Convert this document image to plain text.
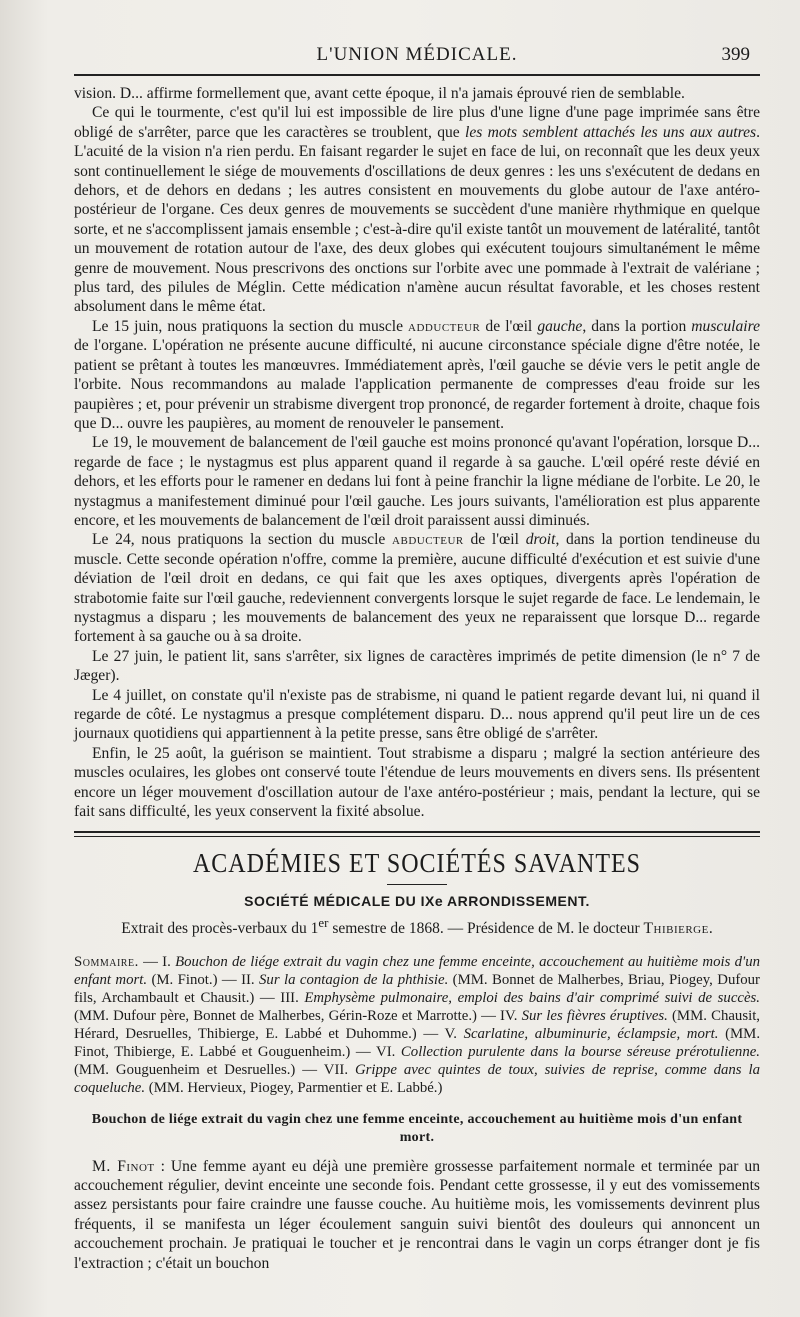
L'UNION MÉDICALE.	399

vision. D... affirme formellement que, avant cette époque, il n'a jamais éprouvé rien de semblable.

Ce qui le tourmente, c'est qu'il lui est impossible de lire plus d'une ligne d'une page imprimée sans être obligé de s'arrêter, parce que les caractères se troublent, que les mots semblent attachés les uns aux autres. L'acuité de la vision n'a rien perdu. En faisant regarder le sujet en face de lui, on reconnaît que les deux yeux sont continuellement le siége de mouvements d'oscillations de deux genres : les uns s'exécutent de dedans en dehors, et de dehors en dedans ; les autres consistent en mouvements du globe autour de l'axe antéro-postérieur de l'organe. Ces deux genres de mouvements se succèdent d'une manière rhythmique en quelque sorte, et ne s'accomplissent jamais ensemble ; c'est-à-dire qu'il existe tantôt un mouvement de latéralité, tantôt un mouvement de rotation autour de l'axe, des deux globes qui exécutent toujours simultanément le même genre de mouvement. Nous prescrivons des onctions sur l'orbite avec une pommade à l'extrait de valériane ; plus tard, des pilules de Méglin. Cette médication n'amène aucun résultat favorable, et les choses restent absolument dans le même état.

Le 15 juin, nous pratiquons la section du muscle adducteur de l'œil gauche, dans la portion musculaire de l'organe. L'opération ne présente aucune difficulté, ni aucune circonstance spéciale digne d'être notée, le patient se prêtant à toutes les manœuvres. Immédiatement après, l'œil gauche se dévie vers le petit angle de l'orbite. Nous recommandons au malade l'application permanente de compresses d'eau froide sur les paupières ; et, pour prévenir un strabisme divergent trop prononcé, de regarder fortement à droite, chaque fois que D... ouvre les paupières, au moment de renouveler le pansement.

Le 19, le mouvement de balancement de l'œil gauche est moins prononcé qu'avant l'opération, lorsque D... regarde de face ; le nystagmus est plus apparent quand il regarde à sa gauche. L'œil opéré reste dévié en dehors, et les efforts pour le ramener en dedans lui font à peine franchir la ligne médiane de l'orbite. Le 20, le nystagmus a manifestement diminué pour l'œil gauche. Les jours suivants, l'amélioration est plus apparente encore, et les mouvements de balancement de l'œil droit paraissent aussi diminués.

Le 24, nous pratiquons la section du muscle abducteur de l'œil droit, dans la portion tendineuse du muscle. Cette seconde opération n'offre, comme la première, aucune difficulté d'exécution et est suivie d'une déviation de l'œil droit en dedans, ce qui fait que les axes optiques, divergents après l'opération de strabotomie faite sur l'œil gauche, redeviennent convergents lorsque le sujet regarde de face. Le lendemain, le nystagmus a disparu ; les mouvements de balancement des yeux ne reparaissent que lorsque D... regarde fortement à sa gauche ou à sa droite.

Le 27 juin, le patient lit, sans s'arrêter, six lignes de caractères imprimés de petite dimension (le n° 7 de Jæger).

Le 4 juillet, on constate qu'il n'existe pas de strabisme, ni quand le patient regarde devant lui, ni quand il regarde de côté. Le nystagmus a presque complétement disparu. D... nous apprend qu'il peut lire un de ces journaux quotidiens qui appartiennent à la petite presse, sans être obligé de s'arrêter.

Enfin, le 25 août, la guérison se maintient. Tout strabisme a disparu ; malgré la section antérieure des muscles oculaires, les globes ont conservé toute l'étendue de leurs mouvements en divers sens. Ils présentent encore un léger mouvement d'oscillation autour de l'axe antéro-postérieur ; mais, pendant la lecture, qui se fait sans difficulté, les yeux conservent la fixité absolue.

ACADÉMIES ET SOCIÉTÉS SAVANTES
SOCIÉTÉ MÉDICALE DU IXe ARRONDISSEMENT.
Extrait des procès-verbaux du 1er semestre de 1868. — Présidence de M. le docteur Thibierge.
Sommaire. — I. Bouchon de liége extrait du vagin chez une femme enceinte, accouchement au huitième mois d'un enfant mort. (M. Finot.) — II. Sur la contagion de la phthisie. (MM. Bonnet de Malherbes, Briau, Piogey, Dufour fils, Archambault et Chausit.) — III. Emphysème pulmonaire, emploi des bains d'air comprimé suivi de succès. (MM. Dufour père, Bonnet de Malherbes, Gérin-Roze et Marrotte.) — IV. Sur les fièvres éruptives. (MM. Chausit, Hérard, Desruelles, Thibierge, E. Labbé et Duhomme.) — V. Scarlatine, albuminurie, éclampsie, mort. (MM. Finot, Thibierge, E. Labbé et Gouguenheim.) — VI. Collection purulente dans la bourse séreuse prérotulienne. (MM. Gouguenheim et Desruelles.) — VII. Grippe avec quintes de toux, suivies de reprise, comme dans la coqueluche. (MM. Hervieux, Piogey, Parmentier et E. Labbé.)
Bouchon de liége extrait du vagin chez une femme enceinte, accouchement au huitième mois d'un enfant mort.

M. Finot : Une femme ayant eu déjà une première grossesse parfaitement normale et terminée par un accouchement régulier, devint enceinte une seconde fois. Pendant cette grossesse, il y eut des vomissements assez persistants pour faire craindre une fausse couche. Au huitième mois, les vomissements devinrent plus fréquents, il se manifesta un léger écoulement sanguin suivi bientôt des douleurs qui annoncent un accouchement prochain. Je pratiquai le toucher et je rencontrai dans le vagin un corps étranger dont je fis l'extraction ; c'était un bouchon
